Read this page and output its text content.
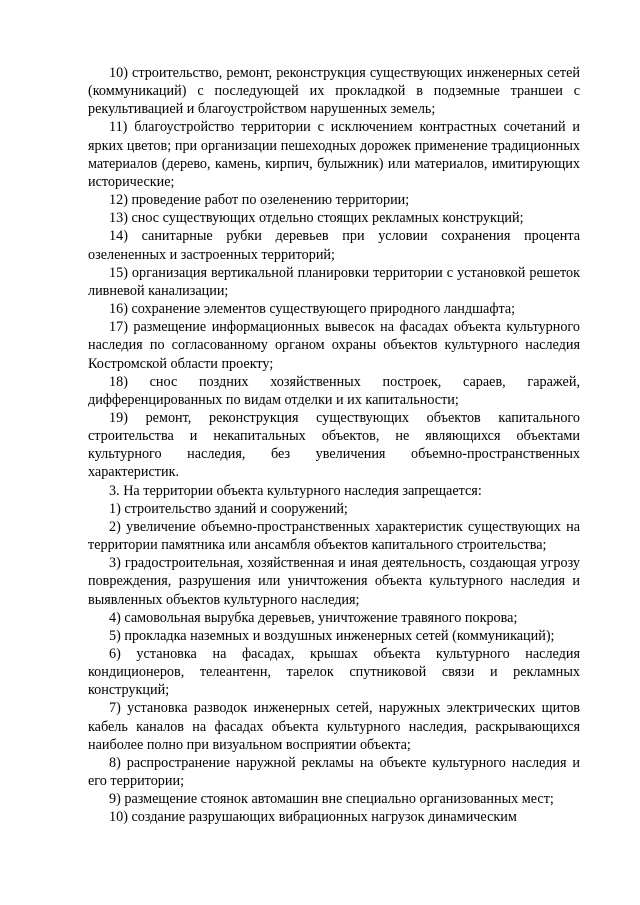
10) строительство, ремонт, реконструкция существующих инженерных сетей (коммуникаций) с последующей их прокладкой в подземные траншеи с рекультивацией и благоустройством нарушенных земель;

11) благоустройство территории с исключением контрастных сочетаний и ярких цветов; при организации пешеходных дорожек применение традиционных материалов (дерево, камень, кирпич, булыжник) или материалов, имитирующих исторические;

12) проведение работ по озеленению территории;

13) снос существующих отдельно стоящих рекламных конструкций;

14) санитарные рубки деревьев при условии сохранения процента озелененных и застроенных территорий;

15) организация вертикальной планировки территории с установкой решеток ливневой канализации;

16) сохранение элементов существующего природного ландшафта;

17) размещение информационных вывесок на фасадах объекта культурного наследия по согласованному органом охраны объектов культурного наследия Костромской области проекту;

18) снос поздних хозяйственных построек, сараев, гаражей, дифференцированных по видам отделки и их капитальности;

19) ремонт, реконструкция существующих объектов капитального строительства и некапитальных объектов, не являющихся объектами культурного наследия, без увеличения объемно-пространственных характеристик.

3. На территории объекта культурного наследия запрещается:

1) строительство зданий и сооружений;

2) увеличение объемно-пространственных характеристик существующих на территории памятника или ансамбля объектов капитального строительства;

3) градостроительная, хозяйственная и иная деятельность, создающая угрозу повреждения, разрушения или уничтожения объекта культурного наследия и выявленных объектов культурного наследия;

4) самовольная вырубка деревьев, уничтожение травяного покрова;

5) прокладка наземных и воздушных инженерных сетей (коммуникаций);

6) установка на фасадах, крышах объекта культурного наследия кондиционеров, телеантенн, тарелок спутниковой связи и рекламных конструкций;

7) установка разводок инженерных сетей, наружных электрических щитов кабель каналов на фасадах объекта культурного наследия, раскрывающихся наиболее полно при визуальном восприятии объекта;

8) распространение наружной рекламы на объекте культурного наследия и его территории;

9) размещение стоянок автомашин вне специально организованных мест;

10) создание разрушающих вибрационных нагрузок динамическим
